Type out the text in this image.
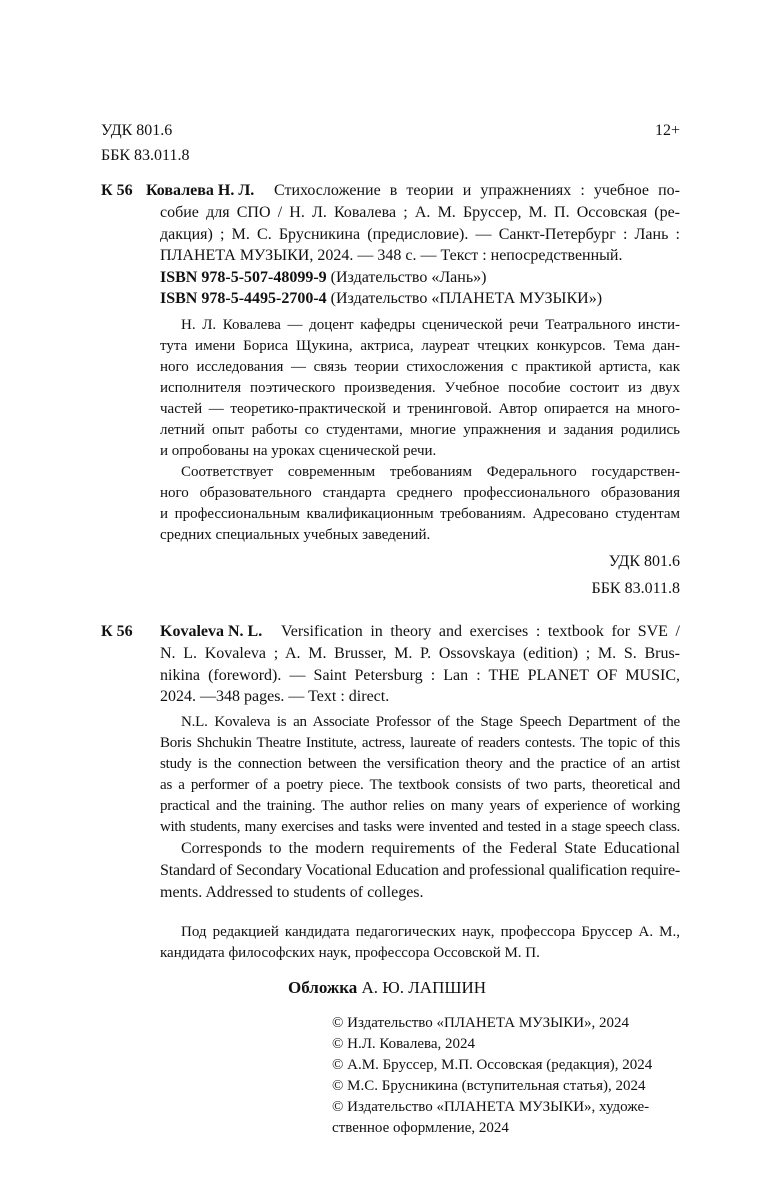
УДК 801.6
ББК 83.011.8
12+
К 56 Ковалева Н. Л. Стихосложение в теории и упражнениях : учебное по-
собие для СПО / Н. Л. Ковалева ; А. М. Бруссер, М. П. Оссовская (ре-
дакция) ; М. С. Брусникина (предисловие). — Санкт-Петербург : Лань :
ПЛАНЕТА МУЗЫКИ, 2024. — 348 с. — Текст : непосредственный.
ISBN 978-5-507-48099-9 (Издательство «Лань»)
ISBN 978-5-4495-2700-4 (Издательство «ПЛАНЕТА МУЗЫКИ»)
Н. Л. Ковалева — доцент кафедры сценической речи Театрального инсти-
тута имени Бориса Щукина, актриса, лауреат чтецких конкурсов. Тема дан-
ного исследования — связь теории стихосложения с практикой артиста, как
исполнителя поэтического произведения. Учебное пособие состоит из двух
частей — теоретико-практической и тренинговой. Автор опирается на много-
летний опыт работы со студентами, многие упражнения и задания родились
и опробованы на уроках сценической речи.
Соответствует современным требованиям Федерального государствен-
ного образовательного стандарта среднего профессионального образования
и профессиональным квалификационным требованиям. Адресовано студентам
средних специальных учебных заведений.
УДК 801.6
ББК 83.011.8
К 56 Kovaleva N. L. Versification in theory and exercises : textbook for SVE /
N. L. Kovaleva ; A. M. Brusser, M. P. Ossovskaya (edition) ; M. S. Brus-
nikina (foreword). — Saint Petersburg : Lan : THE PLANET OF MUSIC,
2024. —348 pages. — Text : direct.
N.L. Kovaleva is an Associate Professor of the Stage Speech Department of the
Boris Shchukin Theatre Institute, actress, laureate of readers contests. The topic of this
study is the connection between the versification theory and the practice of an artist
as a performer of a poetry piece. The textbook consists of two parts, theoretical and
practical and the training. The author relies on many years of experience of working
with students, many exercises and tasks were invented and tested in a stage speech class.
Corresponds to the modern requirements of the Federal State Educational
Standard of Secondary Vocational Education and professional qualification require-
ments. Addressed to students of colleges.
Под редакцией кандидата педагогических наук, профессора Бруссер А. М.,
кандидата философских наук, профессора Оссовской М. П.
Обложка А. Ю. ЛАПШИН
© Издательство «ПЛАНЕТА МУЗЫКИ», 2024
© Н.Л. Ковалева, 2024
© А.М. Бруссер, М.П. Оссовская (редакция), 2024
© М.С. Брусникина (вступительная статья), 2024
© Издательство «ПЛАНЕТА МУЗЫКИ», художе-
ственное оформление, 2024
